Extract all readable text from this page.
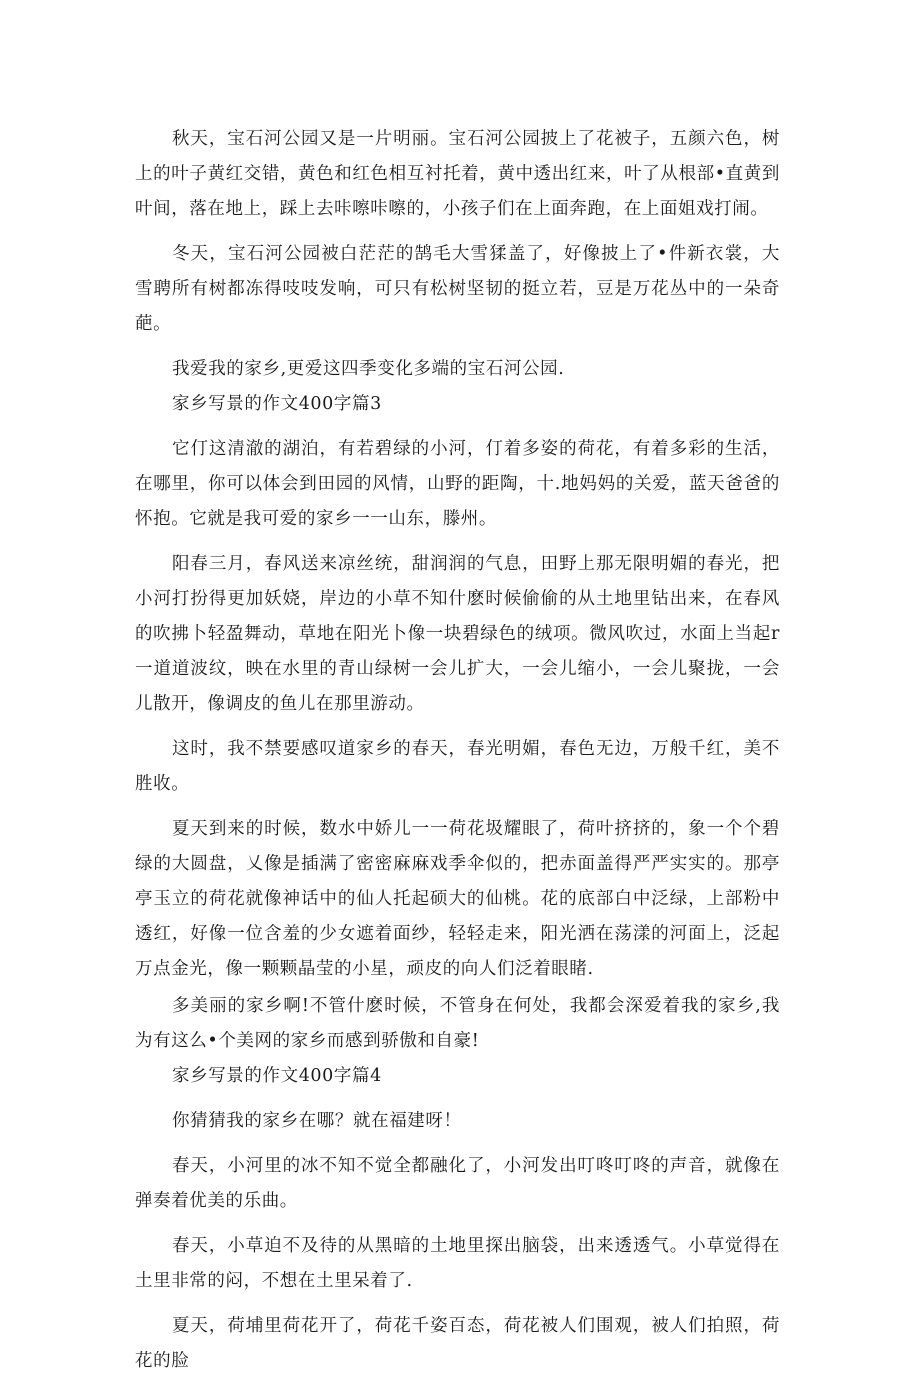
秋天，宝石河公园又是一片明丽。宝石河公园披上了花被子，五颜六色，树上的叶子黄红交错，黄色和红色相互衬托着，黄中透出红来，叶了从根部•直黄到叶间，落在地上，踩上去咔嚓咔嚓的，小孩子们在上面奔跑，在上面姐戏打闹。

冬天，宝石河公园被白茫茫的鹄毛大雪猱盖了，好像披上了•件新衣裳，大雪聘所有树都冻得吱吱发响，可只有松树坚韧的挺立若，豆是万花丛中的一朵奇葩。

我爱我的家乡,更爱这四季变化多端的宝石河公园.

家乡写景的作文400字篇3

它仃这清澈的湖泊，有若碧绿的小河，仃着多姿的荷花，有着多彩的生活，在哪里，你可以体会到田园的风情，山野的距陶，十.地妈妈的关爱，蓝天爸爸的怀抱。它就是我可爱的家乡一一山东，滕州。

阳春三月，春风送来凉丝统，甜润润的气息，田野上那无限明媚的春光，把小河打扮得更加妖娆，岸边的小草不知什麽时候偷偷的从土地里钻出来，在春风的吹拂卜轻盈舞动，草地在阳光卜像一块碧绿色的绒项。微风吹过，水面上当起r一道道波纹，映在水里的青山绿树一会儿扩大，一会儿缩小，一会儿聚拢，一会儿散开，像调皮的鱼儿在那里游动。

这时，我不禁要感叹道家乡的春天，春光明媚，春色无边，万般千红，美不胜收。

夏天到来的时候，数水中娇儿一一荷花圾耀眼了，荷叶挤挤的，象一个个碧绿的大圆盘，乂像是插满了密密麻麻戏季伞似的，把赤面盖得严严实实的。那亭亭玉立的荷花就像神话中的仙人托起硕大的仙桃。花的底部白中泛绿，上部粉中透红，好像一位含羞的少女遮着面纱，轻轻走来，阳光洒在荡漾的河面上，泛起万点金光，像一颗颗晶莹的小星，顽皮的向人们泛着眼睹.

多美丽的家乡啊!不管什麽时候，不管身在何处，我都会深爱着我的家乡,我为有这么•个美网的家乡而感到骄傲和自豪!

家乡写景的作文400字篇4

你猜猜我的家乡在哪？就在福建呀！

春天，小河里的冰不知不觉全都融化了，小河发出叮咚叮咚的声音，就像在弹奏着优美的乐曲。

春天，小草迫不及待的从黑暗的土地里探出脑袋，出来透透气。小草觉得在土里非常的闷，不想在土里呆着了.

夏天，荷埔里荷花开了，荷花千姿百态，荷花被人们围观，被人们拍照，荷花的脸
